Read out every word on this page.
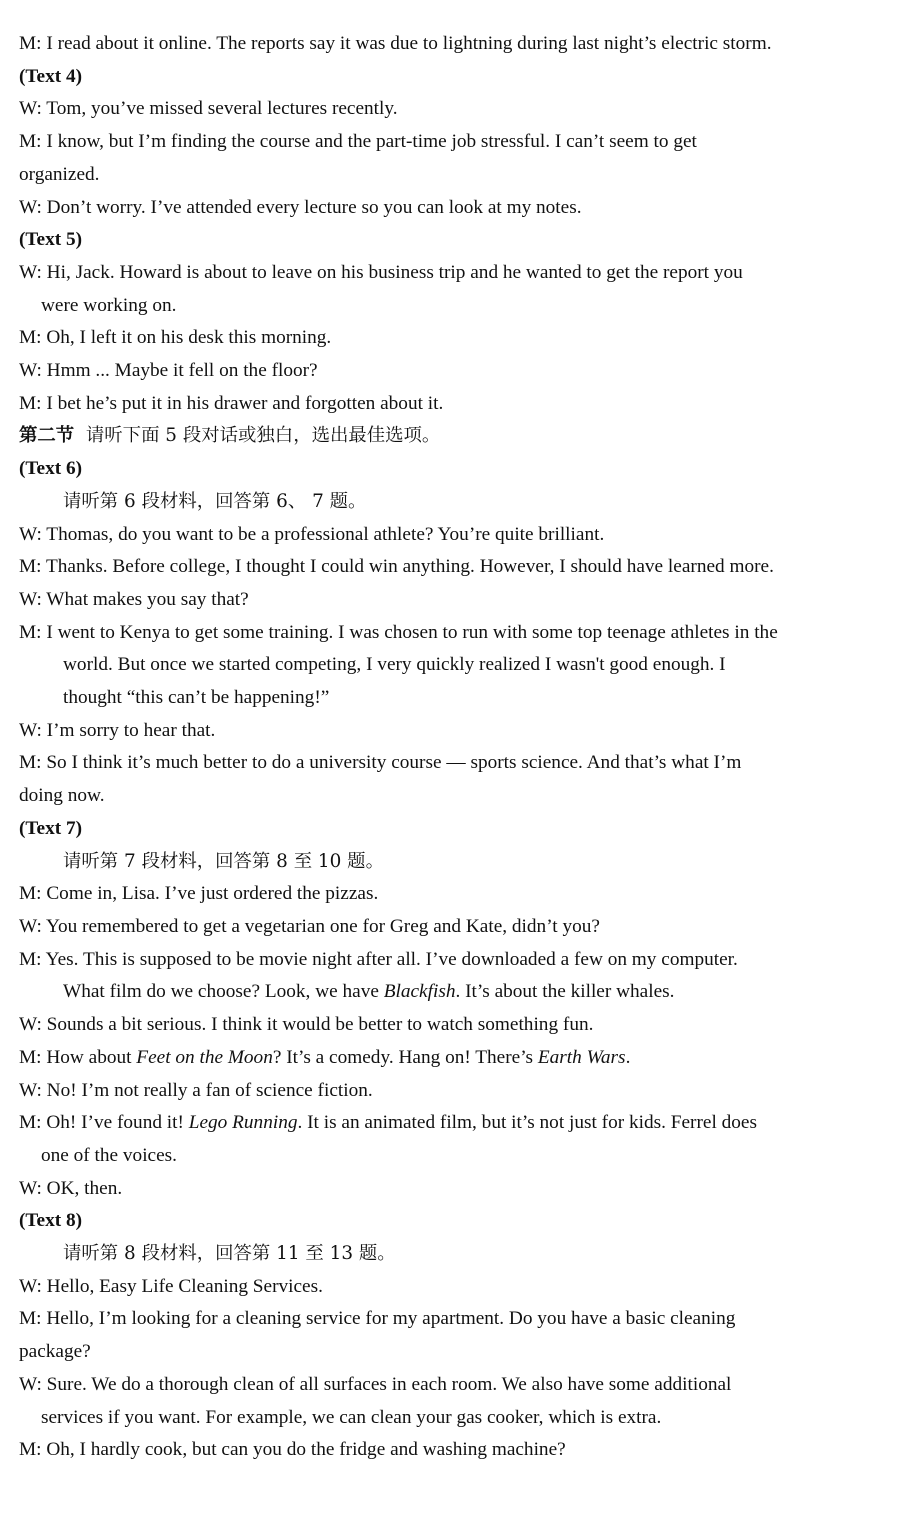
M: I read about it online. The reports say it was due to lightning during last night’s electric storm.
(Text 4)
W: Tom, you’ve missed several lectures recently.
M: I know, but I’m finding the course and the part-time job stressful. I can’t seem to get
organized.
W: Don’t worry. I’ve attended every lecture so you can look at my notes.
(Text 5)
W: Hi, Jack. Howard is about to leave on his business trip and he wanted to get the report you
were working on.
M: Oh, I left it on his desk this morning.
W: Hmm ... Maybe it fell on the floor?
M: I bet he’s put it in his drawer and forgotten about it.
第二节 请听下面 5 段对话或独白，选出最佳选项。
(Text 6)
请听第 6 段材料，回答第 6、 7 题。
W: Thomas, do you want to be a professional athlete? You’re quite brilliant.
M: Thanks. Before college, I thought I could win anything. However, I should have learned more.
W: What makes you say that?
M: I went to Kenya to get some training. I was chosen to run with some top teenage athletes in the
world. But once we started competing, I very quickly realized I wasn't good enough. I
thought “this can’t be happening!”
W: I’m sorry to hear that.
M: So I think it’s much better to do a university course — sports science. And that’s what I’m
doing now.
(Text 7)
请听第 7 段材料，回答第 8 至 10 题。
M: Come in, Lisa. I’ve just ordered the pizzas.
W: You remembered to get a vegetarian one for Greg and Kate, didn’t you?
M: Yes. This is supposed to be movie night after all. I’ve downloaded a few on my computer.
What film do we choose? Look, we have Blackfish. It’s about the killer whales.
W: Sounds a bit serious. I think it would be better to watch something fun.
M: How about Feet on the Moon? It’s a comedy. Hang on! There’s Earth Wars.
W: No! I’m not really a fan of science fiction.
M: Oh! I’ve found it! Lego Running. It is an animated film, but it’s not just for kids. Ferrel does
one of the voices.
W: OK, then.
(Text 8)
请听第 8 段材料，回答第 11 至 13 题。
W: Hello, Easy Life Cleaning Services.
M: Hello, I’m looking for a cleaning service for my apartment. Do you have a basic cleaning
package?
W: Sure. We do a thorough clean of all surfaces in each room. We also have some additional
services if you want. For example, we can clean your gas cooker, which is extra.
M: Oh, I hardly cook, but can you do the fridge and washing machine?
